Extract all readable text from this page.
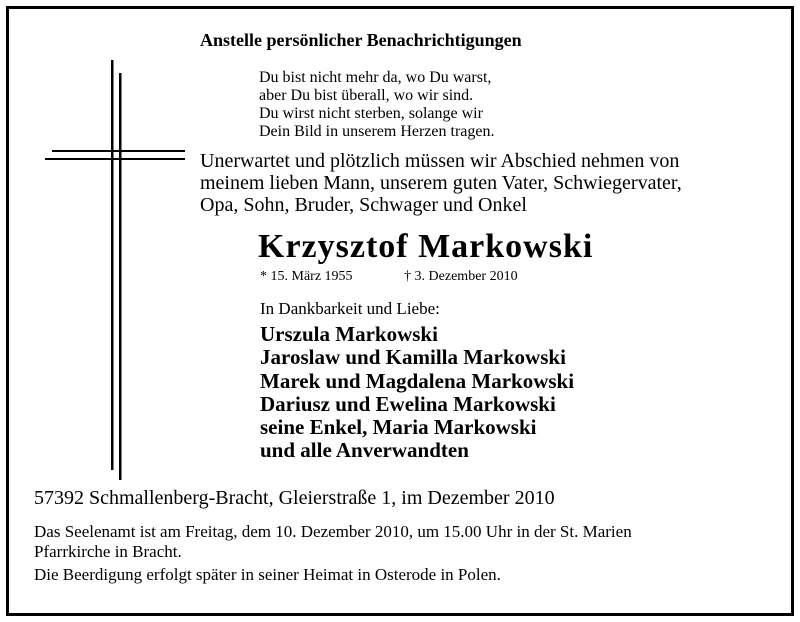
Anstelle persönlicher Benachrichtigungen
Du bist nicht mehr da, wo Du warst,
aber Du bist überall, wo wir sind.
Du wirst nicht sterben, solange wir
Dein Bild in unserem Herzen tragen.
Unerwartet und plötzlich müssen wir Abschied nehmen von
meinem lieben Mann, unserem guten Vater, Schwiegervater,
Opa, Sohn, Bruder, Schwager und Onkel
Krzysztof Markowski
* 15. März 1955	† 3. Dezember 2010
In Dankbarkeit und Liebe:
Urszula Markowski
Jaroslaw und Kamilla Markowski
Marek und Magdalena Markowski
Dariusz und Ewelina Markowski
seine Enkel, Maria Markowski
und alle Anverwandten
57392 Schmallenberg-Bracht, Gleierstraße 1, im Dezember 2010
Das Seelenamt ist am Freitag, dem 10. Dezember 2010, um 15.00 Uhr in der St. Marien
Pfarrkirche in Bracht.
Die Beerdigung erfolgt später in seiner Heimat in Osterode in Polen.
